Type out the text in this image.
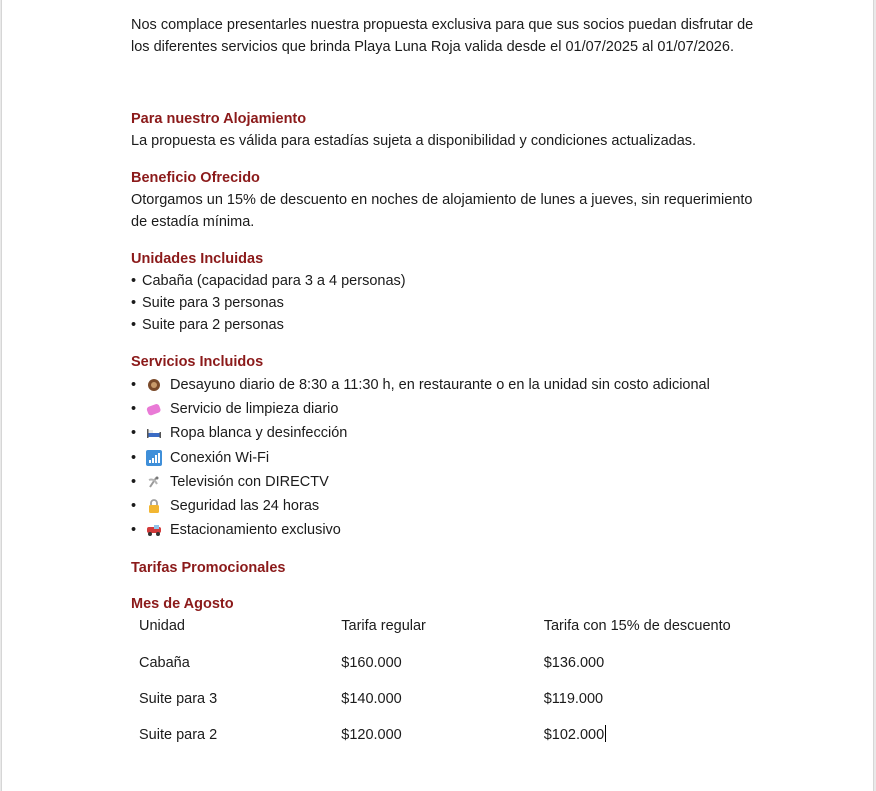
Nos complace presentarles nuestra propuesta exclusiva para que sus socios puedan disfrutar de los diferentes servicios que brinda Playa Luna Roja valida desde el 01/07/2025 al 01/07/2026.

Para nuestro Alojamiento

La propuesta es válida para estadías sujeta a disponibilidad y condiciones actualizadas.

Beneficio Ofrecido

Otorgamos un 15% de descuento en noches de alojamiento de lunes a jueves, sin requerimiento de estadía mínima.

Unidades Incluidas

• Cabaña (capacidad para 3 a 4 personas)
• Suite para 3 personas
• Suite para 2 personas

Servicios Incluidos

•	Desayuno diario de 8:30 a 11:30 h, en restaurante o en la unidad sin costo adicional
•	Servicio de limpieza diario
•	Ropa blanca y desinfección
•	Conexión Wi-Fi
•	Televisión con DIRECTV
•	Seguridad las 24 horas
•	Estacionamiento exclusivo

Tarifas Promocionales

Mes de Agosto

Unidad	Tarifa regular	Tarifa con 15% de descuento
Cabaña	$160.000	$136.000
Suite para 3	$140.000	$119.000
Suite para 2	$120.000	$102.000
